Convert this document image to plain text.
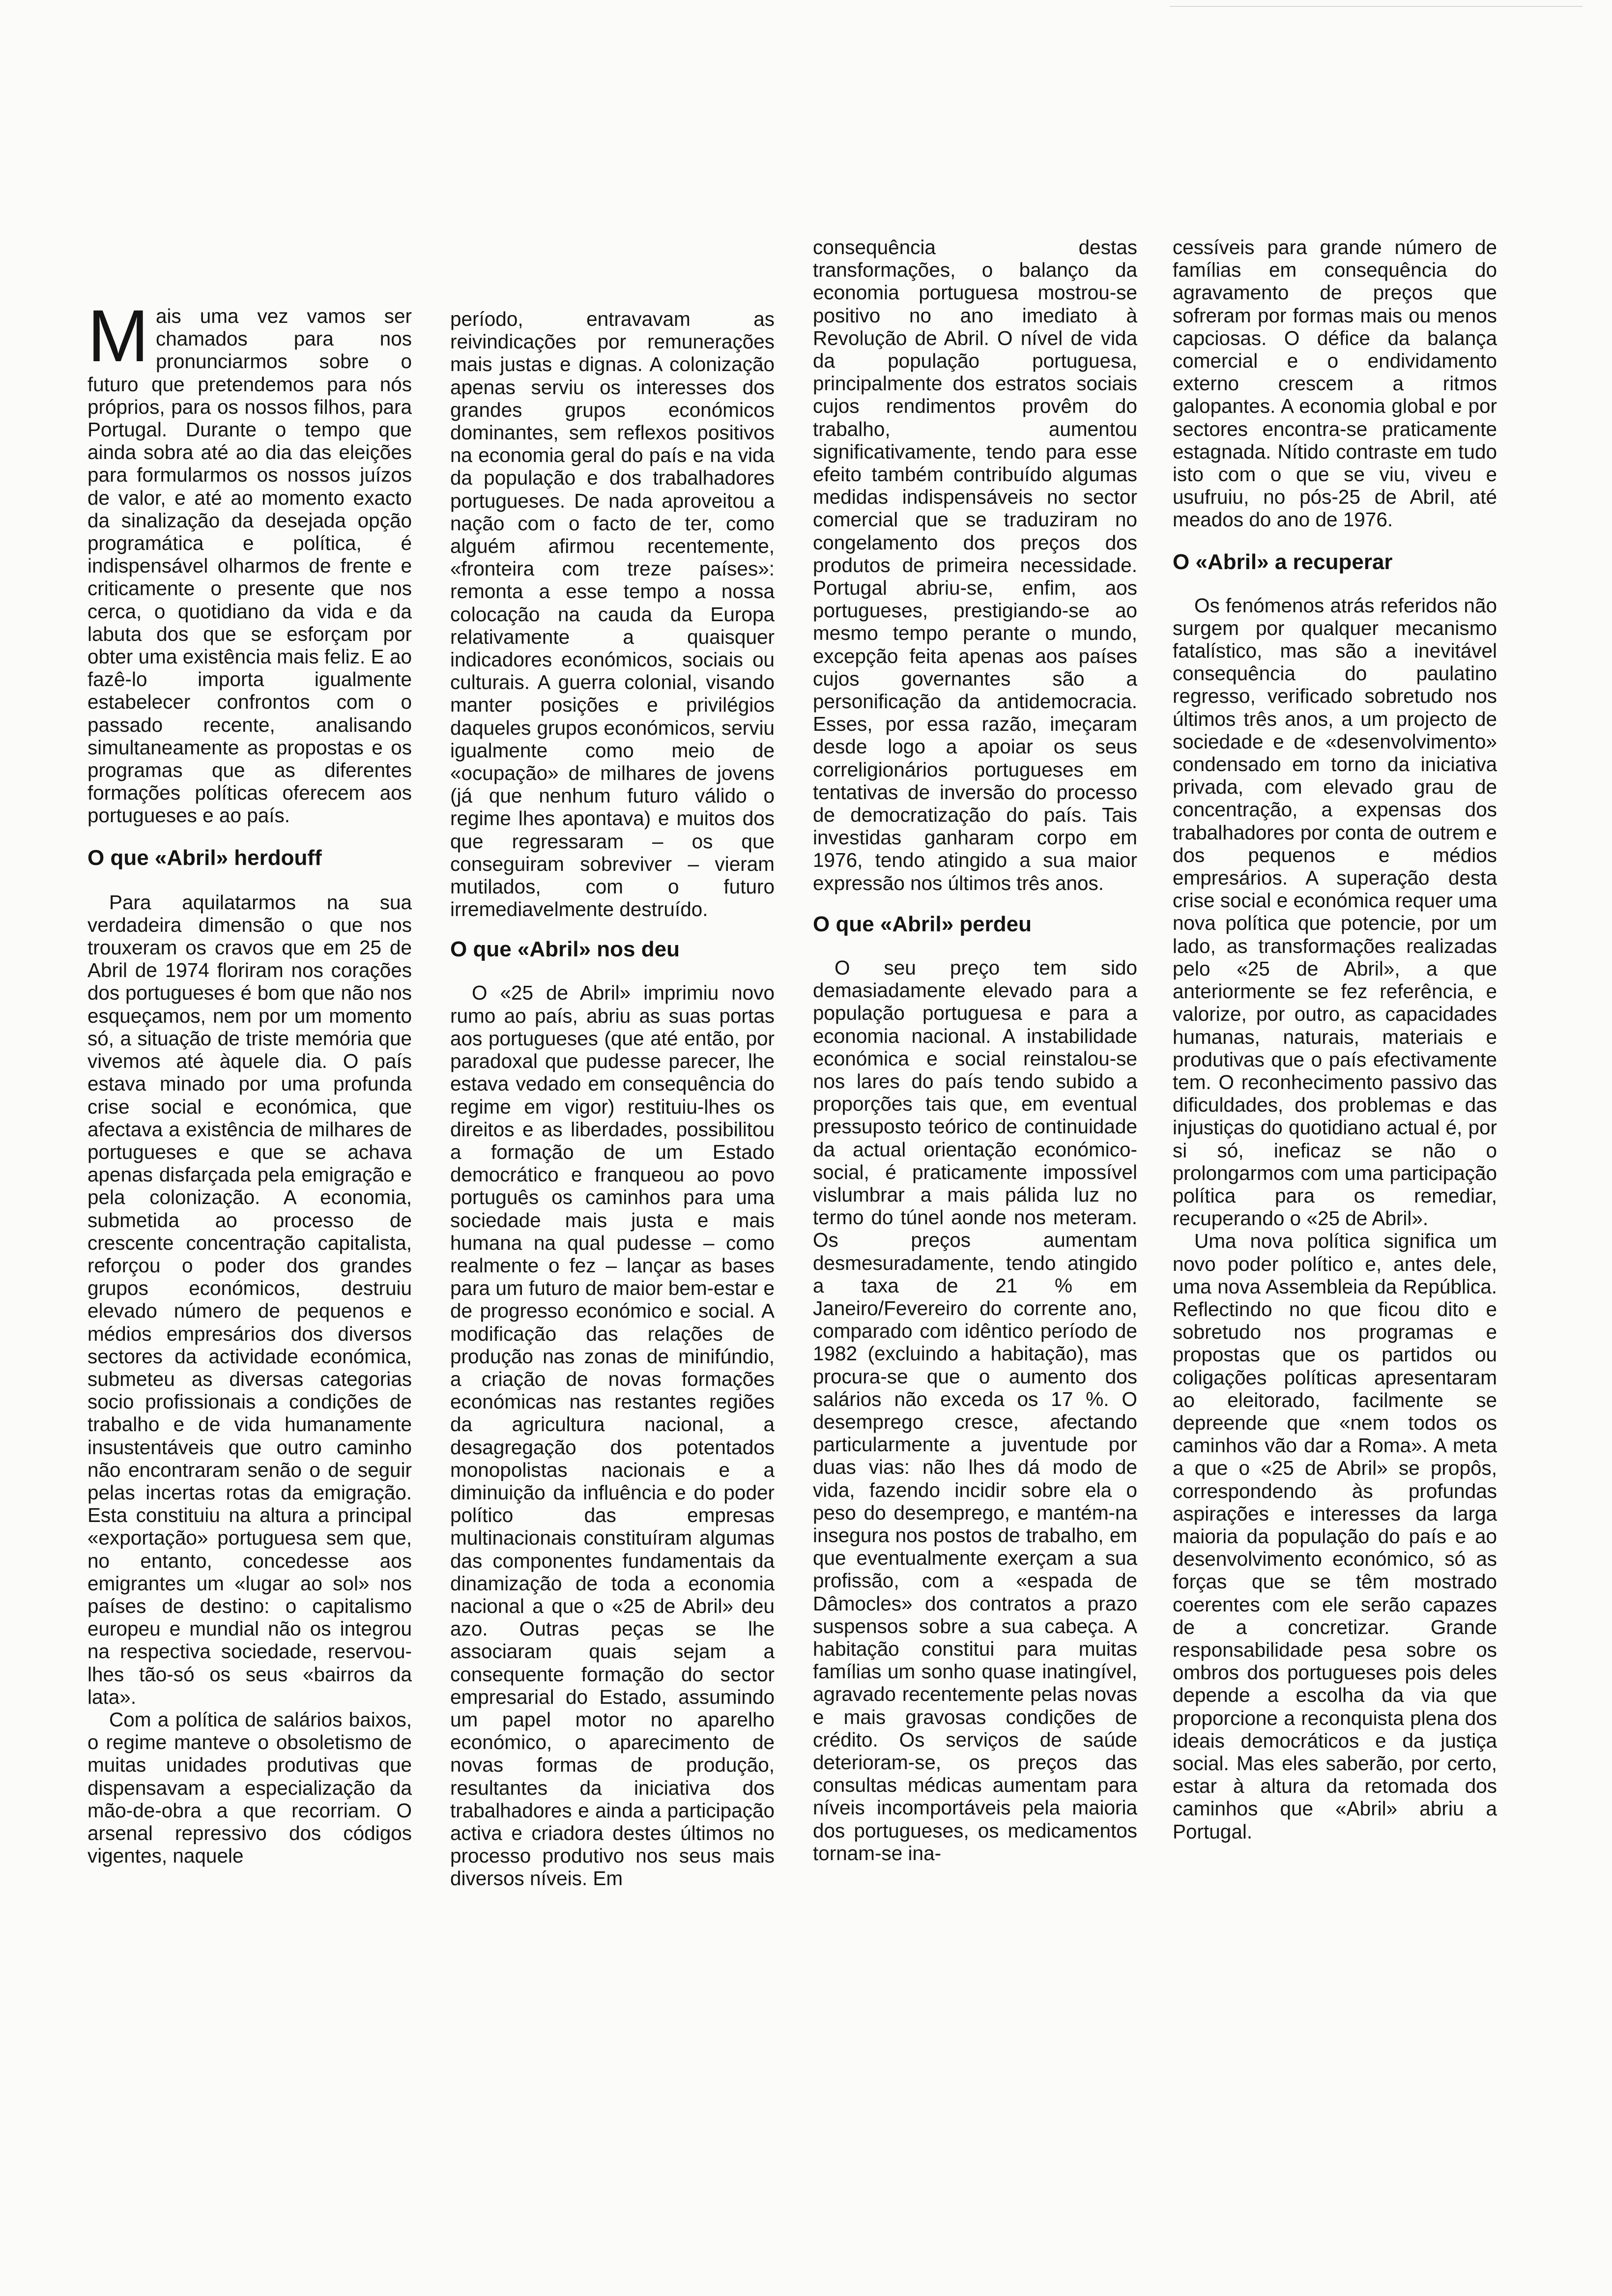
Mais uma vez vamos ser chamados para nos pronunciarmos sobre o futuro que pretendemos para nós próprios, para os nossos filhos, para Portugal. Durante o tempo que ainda sobra até ao dia das eleições para formularmos os nossos juízos de valor, e até ao momento exacto da sinalização da desejada opção programática e política, é indispensável olharmos de frente e criticamente o presente que nos cerca, o quotidiano da vida e da labuta dos que se esforçam por obter uma existência mais feliz. E ao fazê-lo importa igualmente estabelecer confrontos com o passado recente, analisando simultaneamente as propostas e os programas que as diferentes formações políticas oferecem aos portugueses e ao país.

O que «Abril» herdouff

Para aquilatarmos na sua verdadeira dimensão o que nos trouxeram os cravos que em 25 de Abril de 1974 floriram nos corações dos portugueses é bom que não nos esqueçamos, nem por um momento só, a situação de triste memória que vivemos até àquele dia. O país estava minado por uma profunda crise social e económica, que afectava a existência de milhares de portugueses e que se achava apenas disfarçada pela emigração e pela colonização. A economia, submetida ao processo de crescente concentração capitalista, reforçou o poder dos grandes grupos económicos, destruiu elevado número de pequenos e médios empresários dos diversos sectores da actividade económica, submeteu as diversas categorias socio profissionais a condições de trabalho e de vida humanamente insustentáveis que outro caminho não encontraram senão o de seguir pelas incertas rotas da emigração. Esta constituiu na altura a principal «exportação» portuguesa sem que, no entanto, concedesse aos emigrantes um «lugar ao sol» nos países de destino: o capitalismo europeu e mundial não os integrou na respectiva sociedade, reservou-lhes tão-só os seus «bairros da lata».

Com a política de salários baixos, o regime manteve o obsoletismo de muitas unidades produtivas que dispensavam a especialização da mão-de-obra a que recorriam. O arsenal repressivo dos códigos vigentes, naquele

período, entravavam as reivindicações por remunerações mais justas e dignas. A colonização apenas serviu os interesses dos grandes grupos económicos dominantes, sem reflexos positivos na economia geral do país e na vida da população e dos trabalhadores portugueses. De nada aproveitou a nação com o facto de ter, como alguém afirmou recentemente, «fronteira com treze países»: remonta a esse tempo a nossa colocação na cauda da Europa relativamente a quaisquer indicadores económicos, sociais ou culturais. A guerra colonial, visando manter posições e privilégios daqueles grupos económicos, serviu igualmente como meio de «ocupação» de milhares de jovens (já que nenhum futuro válido o regime lhes apontava) e muitos dos que regressaram – os que conseguiram sobreviver – vieram mutilados, com o futuro irremediavelmente destruído.

O que «Abril» nos deu

O «25 de Abril» imprimiu novo rumo ao país, abriu as suas portas aos portugueses (que até então, por paradoxal que pudesse parecer, lhe estava vedado em consequência do regime em vigor) restituiu-lhes os direitos e as liberdades, possibilitou a formação de um Estado democrático e franqueou ao povo português os caminhos para uma sociedade mais justa e mais humana na qual pudesse – como realmente o fez – lançar as bases para um futuro de maior bem-estar e de progresso económico e social. A modificação das relações de produção nas zonas de minifúndio, a criação de novas formações económicas nas restantes regiões da agricultura nacional, a desagregação dos potentados monopolistas nacionais e a diminuição da influência e do poder político das empresas multinacionais constituíram algumas das componentes fundamentais da dinamização de toda a economia nacional a que o «25 de Abril» deu azo. Outras peças se lhe associaram quais sejam a consequente formação do sector empresarial do Estado, assumindo um papel motor no aparelho económico, o aparecimento de novas formas de produção, resultantes da iniciativa dos trabalhadores e ainda a participação activa e criadora destes últimos no processo produtivo nos seus mais diversos níveis. Em

consequência destas transformações, o balanço da economia portuguesa mostrou-se positivo no ano imediato à Revolução de Abril. O nível de vida da população portuguesa, principalmente dos estratos sociais cujos rendimentos provêm do trabalho, aumentou significativamente, tendo para esse efeito também contribuído algumas medidas indispensáveis no sector comercial que se traduziram no congelamento dos preços dos produtos de primeira necessidade. Portugal abriu-se, enfim, aos portugueses, prestigiando-se ao mesmo tempo perante o mundo, excepção feita apenas aos países cujos governantes são a personificação da antidemocracia. Esses, por essa razão, imeçaram desde logo a apoiar os seus correligionários portugueses em tentativas de inversão do processo de democratização do país. Tais investidas ganharam corpo em 1976, tendo atingido a sua maior expressão nos últimos três anos.

O que «Abril» perdeu

O seu preço tem sido demasiadamente elevado para a população portuguesa e para a economia nacional. A instabilidade económica e social reinstalou-se nos lares do país tendo subido a proporções tais que, em eventual pressuposto teórico de continuidade da actual orientação económico-social, é praticamente impossível vislumbrar a mais pálida luz no termo do túnel aonde nos meteram. Os preços aumentam desmesuradamente, tendo atingido a taxa de 21 % em Janeiro/Fevereiro do corrente ano, comparado com idêntico período de 1982 (excluindo a habitação), mas procura-se que o aumento dos salários não exceda os 17 %. O desemprego cresce, afectando particularmente a juventude por duas vias: não lhes dá modo de vida, fazendo incidir sobre ela o peso do desemprego, e mantém-na insegura nos postos de trabalho, em que eventualmente exerçam a sua profissão, com a «espada de Dâmocles» dos contratos a prazo suspensos sobre a sua cabeça. A habitação constitui para muitas famílias um sonho quase inatingível, agravado recentemente pelas novas e mais gravosas condições de crédito. Os serviços de saúde deterioram-se, os preços das consultas médicas aumentam para níveis incomportáveis pela maioria dos portugueses, os medicamentos tornam-se ina-

cessíveis para grande número de famílias em consequência do agravamento de preços que sofreram por formas mais ou menos capciosas. O défice da balança comercial e o endividamento externo crescem a ritmos galopantes. A economia global e por sectores encontra-se praticamente estagnada. Nítido contraste em tudo isto com o que se viu, viveu e usufruiu, no pós-25 de Abril, até meados do ano de 1976.

O «Abril» a recuperar

Os fenómenos atrás referidos não surgem por qualquer mecanismo fatalístico, mas são a inevitável consequência do paulatino regresso, verificado sobretudo nos últimos três anos, a um projecto de sociedade e de «desenvolvimento» condensado em torno da iniciativa privada, com elevado grau de concentração, a expensas dos trabalhadores por conta de outrem e dos pequenos e médios empresários. A superação desta crise social e económica requer uma nova política que potencie, por um lado, as transformações realizadas pelo «25 de Abril», a que anteriormente se fez referência, e valorize, por outro, as capacidades humanas, naturais, materiais e produtivas que o país efectivamente tem. O reconhecimento passivo das dificuldades, dos problemas e das injustiças do quotidiano actual é, por si só, ineficaz se não o prolongarmos com uma participação política para os remediar, recuperando o «25 de Abril».

Uma nova política significa um novo poder político e, antes dele, uma nova Assembleia da República. Reflectindo no que ficou dito e sobretudo nos programas e propostas que os partidos ou coligações políticas apresentaram ao eleitorado, facilmente se depreende que «nem todos os caminhos vão dar a Roma». A meta a que o «25 de Abril» se propôs, correspondendo às profundas aspirações e interesses da larga maioria da população do país e ao desenvolvimento económico, só as forças que se têm mostrado coerentes com ele serão capazes de a concretizar. Grande responsabilidade pesa sobre os ombros dos portugueses pois deles depende a escolha da via que proporcione a reconquista plena dos ideais democráticos e da justiça social. Mas eles saberão, por certo, estar à altura da retomada dos caminhos que «Abril» abriu a Portugal.
